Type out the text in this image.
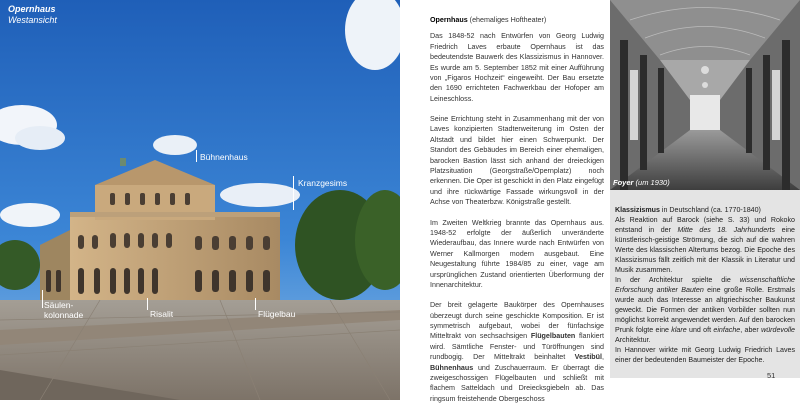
Opernhaus
Westansicht
Bühnenhaus
Kranzgesims
Säulen-
kolonnade	Risalit	Flügelbau

Opernhaus (ehemaliges Hoftheater)

Das 1848-52 nach Entwürfen von Georg Ludwig Friedrich Laves erbaute Opernhaus ist das bedeutendste Bauwerk des Klassizismus in Hannover. Es wurde am 5. September 1852 mit einer Aufführung von „Figaros Hochzeit“ eingeweiht. Der Bau ersetzte den 1690 errichteten Fachwerkbau der Hofoper am Leineschloss.

Seine Errichtung steht in Zusammenhang mit der von Laves konzipierten Stadterweiterung im Osten der Altstadt und bildet hier einen Schwerpunkt. Der Standort des Gebäudes im Bereich einer ehemaligen, barocken Bastion lässt sich anhand der dreieckigen Platzsituation (Georgstraße/Opernplatz) noch erkennen. Die Oper ist geschickt in den Platz eingefügt und ihre rückwärtige Fassade wirkungsvoll in der Achse von Theaterbzw. Königstraße gestellt.

Im Zweiten Weltkrieg brannte das Opernhaus aus. 1948-52 erfolgte der äußerlich unveränderte Wiederaufbau, das Innere wurde nach Entwürfen von Werner Kallmorgen modern ausgebaut. Eine Neugestaltung führte 1984/85 zu einer, vage am ursprünglichen Zustand orientierten Überformung der Innenarchitektur.

Der breit gelagerte Baukörper des Opernhauses überzeugt durch seine geschickte Komposition. Er ist symmetrisch aufgebaut, wobei der fünfachsige Mitteltrakt von sechsachsigen Flügelbauten flankiert wird. Sämtliche Fenster- und Türöffnungen sind rundbogig. Der Mitteltrakt beinhaltet Vestibül, Bühnenhaus und Zuschauerraum. Er überragt die zweigeschossigen Flügelbauten und schließt mit flachem Satteldach und Dreiecksgiebeln ab. Das ringsum freistehende Obergeschoss

Foyer (um 1930)

Klassizismus in Deutschland (ca. 1770-1840)

Als Reaktion auf Barock (siehe S. 33) und Rokoko entstand in der Mitte des 18. Jahrhunderts eine künstlerisch-geistige Strömung, die sich auf die wahren Werte des klassischen Altertums bezog. Die Epoche des Klassizismus fällt zeitlich mit der Klassik in Literatur und Musik zusammen.

In der Architektur spielte die wissenschaftliche Erforschung antiker Bauten eine große Rolle. Erstmals wurde auch das Interesse an altgriechischer Baukunst geweckt. Die Formen der antiken Vorbilder sollten nun möglichst korrekt angewendet werden. Auf den barocken Prunk folgte eine klare und oft einfache, aber würdevolle Architektur.

In Hannover wirkte mit Georg Ludwig Friedrich Laves einer der bedeutenden Baumeister der Epoche.

51
